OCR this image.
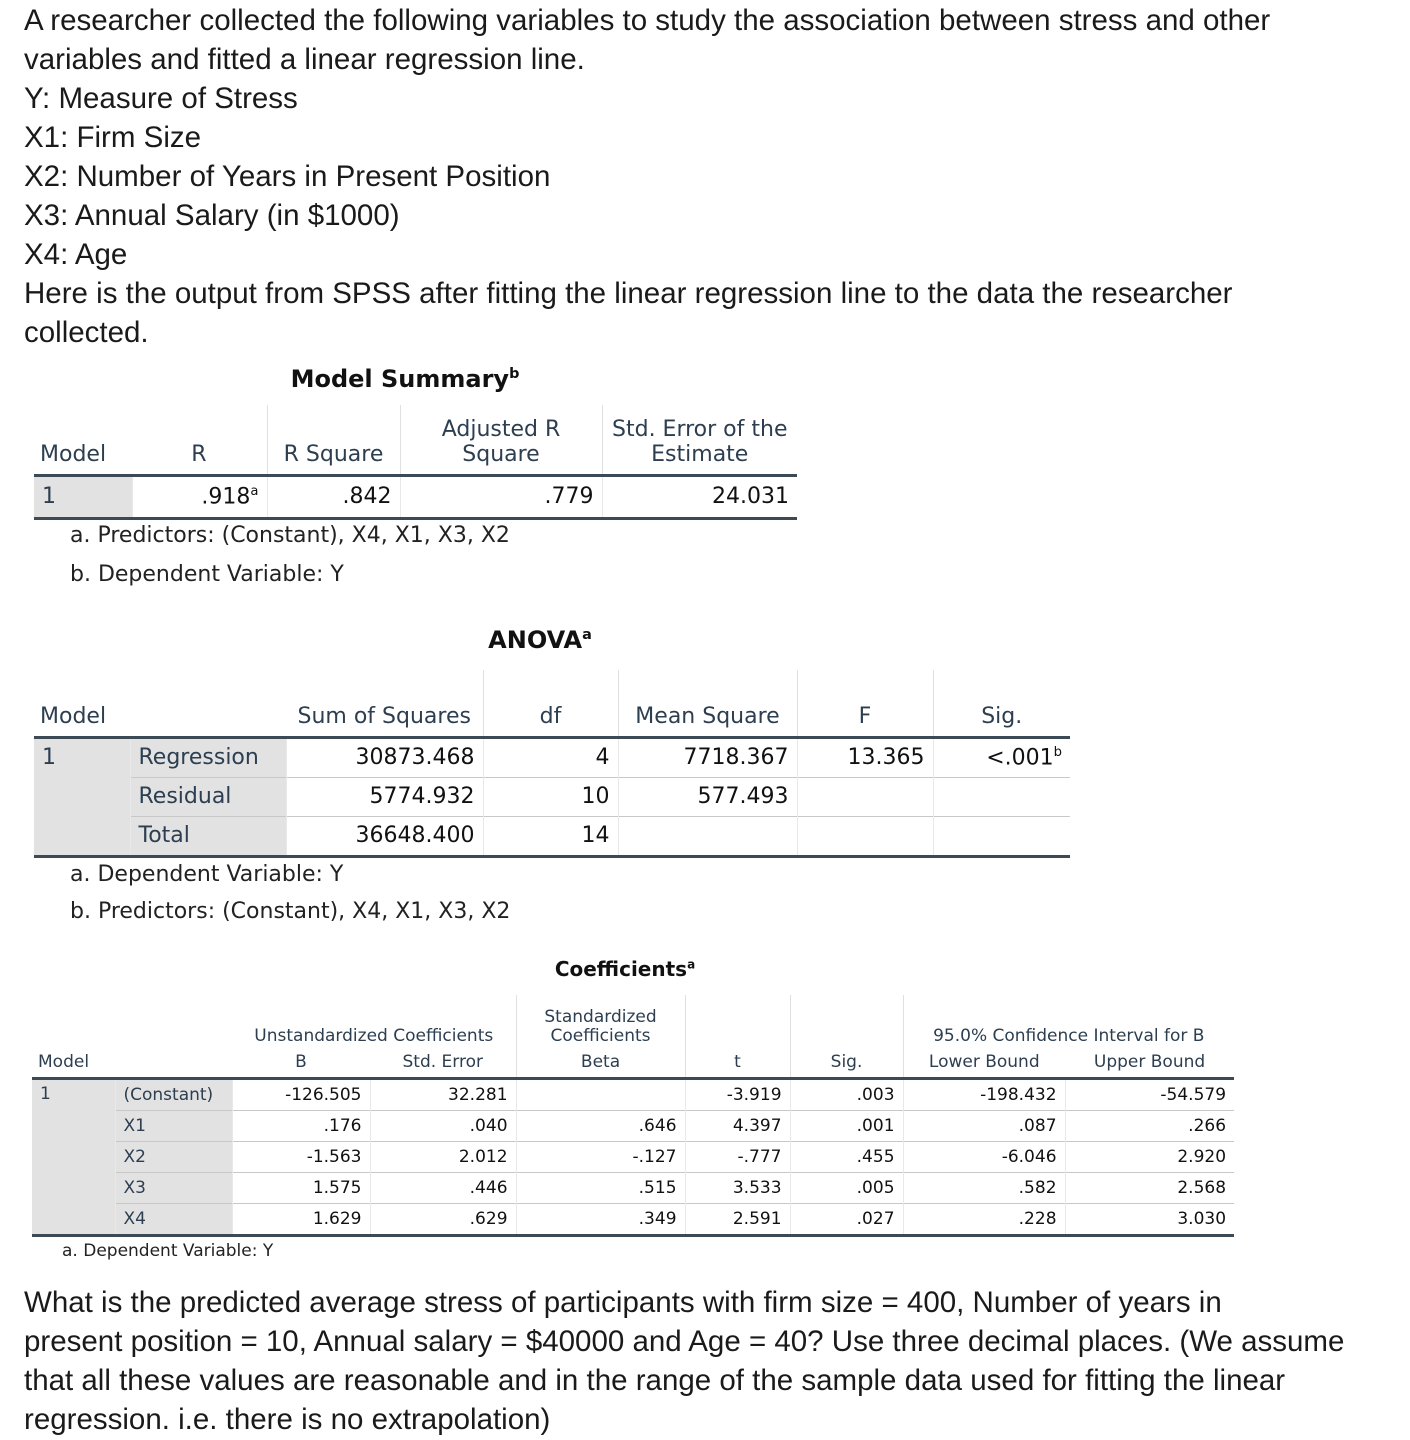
A researcher collected the following variables to study the association between stress and other
variables and fitted a linear regression line.
Y: Measure of Stress
X1: Firm Size
X2: Number of Years in Present Position
X3: Annual Salary (in $1000)
X4: Age
Here is the output from SPSS after fitting the linear regression line to the data the researcher
collected.
Model Summary$^b$
Model	R	R Square	Adjusted R Square	Std. Error of the Estimate
1	.918$^a$	.842	.779	24.031
a. Predictors: (Constant), X4, X1, X3, X2
b. Dependent Variable: Y
ANOVA$^a$
Model		Sum of Squares	df	Mean Square	F	Sig.
1	Regression	30873.468	4	7718.367	13.365	<.001$^b$
	Residual	5774.932	10	577.493		
	Total	36648.400	14			
a. Dependent Variable: Y
b. Predictors: (Constant), X4, X1, X3, X2
Coefficients$^a$
		Unstandardized Coefficients		Standardized Coefficients			95.0% Confidence Interval for B	
Model		B	Std. Error	Beta	t	Sig.	Lower Bound	Upper Bound
1	(Constant)	-126.505	32.281		-3.919	.003	-198.432	-54.579
	X1	.176	.040	.646	4.397	.001	.087	.266
	X2	-1.563	2.012	-.127	-.777	.455	-6.046	2.920
	X3	1.575	.446	.515	3.533	.005	.582	2.568
	X4	1.629	.629	.349	2.591	.027	.228	3.030
a. Dependent Variable: Y
What is the predicted average stress of participants with firm size = 400, Number of years in
present position = 10, Annual salary = $40000 and Age = 40? Use three decimal places. (We assume
that all these values are reasonable and in the range of the sample data used for fitting the linear
regression. i.e. there is no extrapolation)
